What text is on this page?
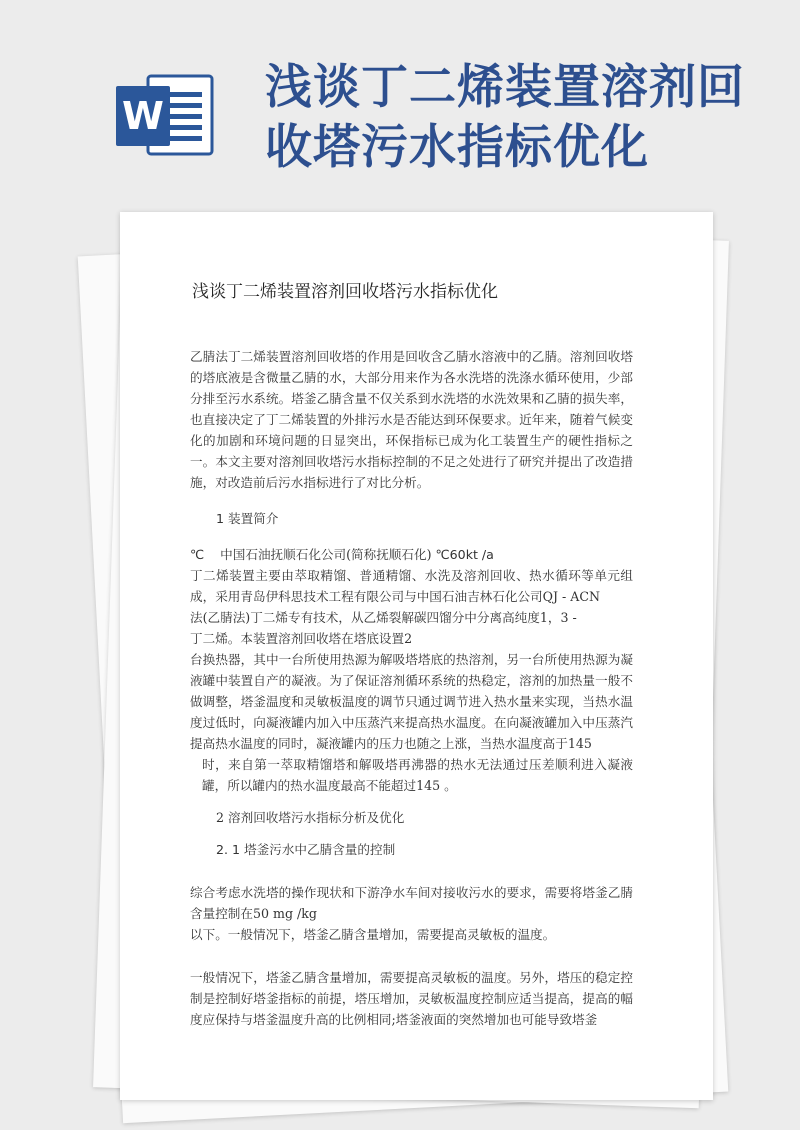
W
浅谈丁二烯装置溶剂回收塔污水指标优化
浅谈丁二烯装置溶剂回收塔污水指标优化

乙腈法丁二烯装置溶剂回收塔的作用是回收含乙腈水溶液中的乙腈。溶剂回收塔的塔底液是含微量乙腈的水，大部分用来作为各水洗塔的洗涤水循环使用，少部分排至污水系统。塔釜乙腈含量不仅关系到水洗塔的水洗效果和乙腈的损失率，也直接决定了丁二烯装置的外排污水是否能达到环保要求。近年来，随着气候变化的加剧和环境问题的日显突出，环保指标已成为化工装置生产的硬性指标之一。本文主要对溶剂回收塔污水指标控制的不足之处进行了研究并提出了改造措施，对改造前后污水指标进行了对比分析。

1 装置简介

℃ 中国石油抚顺石化公司(简称抚顺石化) ℃60kt /a

丁二烯装置主要由萃取精馏、普通精馏、水洗及溶剂回收、热水循环等单元组成，采用青岛伊科思技术工程有限公司与中国石油吉林石化公司QJ - ACN

法(乙腈法)丁二烯专有技术，从乙烯裂解碳四馏分中分离高纯度1，3 -

丁二烯。本装置溶剂回收塔在塔底设置2

台换热器，其中一台所使用热源为解吸塔塔底的热溶剂，另一台所使用热源为凝液罐中装置自产的凝液。为了保证溶剂循环系统的热稳定，溶剂的加热量一般不做调整，塔釜温度和灵敏板温度的调节只通过调节进入热水量来实现，当热水温度过低时，向凝液罐内加入中压蒸汽来提高热水温度。在向凝液罐加入中压蒸汽提高热水温度的同时，凝液罐内的压力也随之上涨，当热水温度高于145

时，来自第一萃取精馏塔和解吸塔再沸器的热水无法通过压差顺利进入凝液罐，所以罐内的热水温度最高不能超过145 。

2 溶剂回收塔污水指标分析及优化

2. 1 塔釜污水中乙腈含量的控制

综合考虑水洗塔的操作现状和下游净水车间对接收污水的要求，需要将塔釜乙腈含量控制在50 mg /kg

以下。一般情况下，塔釜乙腈含量增加，需要提高灵敏板的温度。

一般情况下，塔釜乙腈含量增加，需要提高灵敏板的温度。另外，塔压的稳定控制是控制好塔釜指标的前提，塔压增加，灵敏板温度控制应适当提高，提高的幅度应保持与塔釜温度升高的比例相同;塔釜液面的突然增加也可能导致塔釜
